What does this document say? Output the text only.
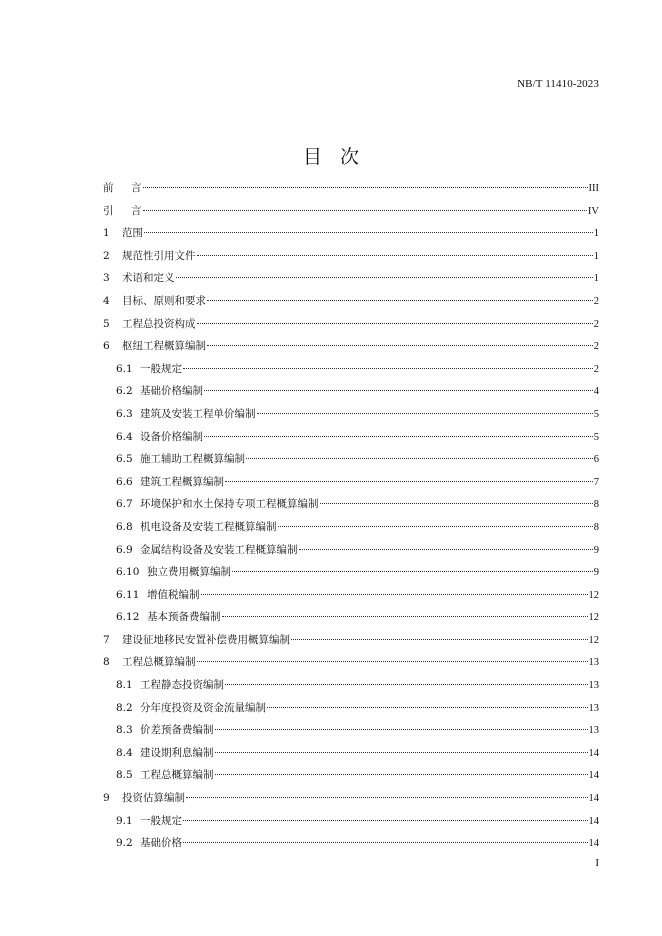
NB/T 11410-2023
目 次
前	言	III
引	言	IV
1	范围	1
2	规范性引用文件	1
3	术语和定义	1
4	目标、原则和要求	2
5	工程总投资构成	2
6	枢纽工程概算编制	2
6.1 一般规定	2
6.2 基础价格编制	4
6.3 建筑及安装工程单价编制	5
6.4 设备价格编制	5
6.5 施工辅助工程概算编制	6
6.6 建筑工程概算编制	7
6.7 环境保护和水土保持专项工程概算编制	8
6.8 机电设备及安装工程概算编制	8
6.9 金属结构设备及安装工程概算编制	9
6.10 独立费用概算编制	9
6.11 增值税编制	12
6.12 基本预备费编制	12
7	建设征地移民安置补偿费用概算编制	12
8	工程总概算编制	13
8.1 工程静态投资编制	13
8.2 分年度投资及资金流量编制	13
8.3 价差预备费编制	13
8.4 建设期利息编制	14
8.5 工程总概算编制	14
9	投资估算编制	14
9.1 一般规定	14
9.2 基础价格	14
I
